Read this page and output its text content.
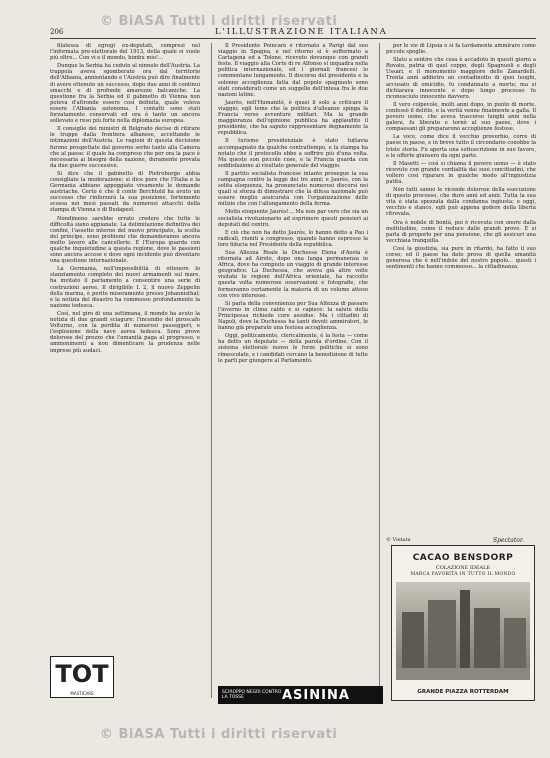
© BiASA Tutti i diritti riservati
206	L'ILLUSTRAZIONE ITALIANA

filatessa di egregi ex-deputati, compresi nel l'informata pre-elettorale del 1913, della quale si vuole più oltre... Con vi e il mondo, bimbu mio!...

Dunque la Serbia ha ceduto al ninnolo dell'Austria. La trappola aveva sgomberato ora dal territorio dell'Albania, annientando e l'Austria può dire finalmente di avere ottenuto un successo, dopo due anni di continui smacchi e di profonde amarezze balcaniche. La questione fra la Serbia ed il gabinetto di Vienna non poteva d'altronde essere così definita, quale voleva essere l'Albania autonoma. I contatti sono stati forzatamente conservati ed ora è tanto un ancora sollevato e reso più forte nella diplomazia europea.

Il consiglio dei ministri di Belgrado decise di ritirare le truppe dalla frontiera albanese, accettando le intimazioni dell'Austria. Le ragioni di questa decisione furono prospettate dal governo serbo tanto alla Camera che al paese: il quale ha compreso che per ora la pace è necessaria ai bisogni della nazione, duramente provata da due guerre successive.

Si dice che il gabinetto di Pietroburgo abbia consigliato la moderazione; si dice pure che l'Italia e la Germania abbiano appoggiato vivamente le domande austriache. Certo è che il conte Berchtold ha avuto un successo che rinforzerà la sua posizione, fortemente scossa nei mesi passati da numerosi attacchi della stampa di Vienna e di Budapest.

Nondimeno sarebbe errato credere che tutte le difficoltà siano appianate. La delimitazione definitiva dei confini, l'assetto interno del nuovo principato, la scelta del principe, sono problemi che domanderanno ancora molto lavoro alle cancellerie. E l'Europa guarda con qualche inquietudine a questa regione, dove le passioni sono ancora accese e dove ogni incidente può diventare una questione internazionale.

La Germania, nell'impossibilità di ottenere lo stanziamento completo dei nuovi armamenti sul mare, ha invitato il parlamento a consentire una serie di costruzioni aeree. Il dirigibile L 2, il nuovo Zeppelin della marina, è perito miseramente presso Johannisthal; e la notizia del disastro ha commosso profondamente la nazione tedesca.

Così, nel giro di una settimana, il mondo ha avuto la notizia di due grandi sciagure: l'incendio del piroscafo Volturno, con la perdita di numerosi passeggeri, e l'esplosione della nave aerea tedesca. Sono prove dolorose del prezzo che l'umanità paga al progresso, e ammonimenti a non dimenticare la prudenza nelle imprese più audaci.

Il Presidente Poincaré è ritornato a Parigi dal suo viaggio in Spagna, e nel ritorno si è soffermato a Cartagena ed a Tolone, ricevuto dovunque con grandi feste. Il viaggio alla Corte di re Alfonso si inquadra nella politica internazionale, ed i giornali francesi lo commentano lungamente. Il discorso del presidente e la solenne accoglienza fatta dal popolo spagnuolo sono stati considerati come un suggello dell'intesa fra le due nazioni latine.

Jaurès, nell'Humanité, è quasi il solo a criticare il viaggio; egli teme che la politica d'alleanze spinga la Francia verso avventure militari. Ma la grande maggioranza dell'opinione pubblica ha applaudito il presidente, che ha saputo rappresentare degnamente la repubblica.

Il turismo presidenziale è stato tuttavia accompagnato da qualche contrattempo, e la stampa ha notato che il protocollo ebbe a soffrire più d'una volta. Ma queste son piccole cose, e la Francia guarda con soddisfazione al risultato generale del viaggio.

Il partito socialista francese intanto prosegue la sua campagna contro la legge dei tre anni; e Jaurès, con la solita eloquenza, ha pronunciato numerosi discorsi nei quali si sforza di dimostrare che la difesa nazionale può essere meglio assicurata con l'organizzazione delle milizie che con l'allungamento della ferma.

Molto eloquente Jaurès!... Ma non par vero che sia un socialista rivoluzionario ad esprimere questi pensieri ai deputati del centro.

E ciò che non ha detto Jaurès, lo hanno detto a Pau i radicali, riuniti a congresso, quando hanno espresso la loro fiducia nel Presidente della repubblica.

Sua Altezza Reale la Duchessa Elena d'Aosta è ritornata ad Airolo, dopo una lunga permanenza in Africa, dove ha compiuto un viaggio di grande interesse geografico. La Duchessa, che aveva già altre volte visitato le regioni dell'Africa orientale, ha raccolto questa volta numerose osservazioni e fotografie, che formeranno certamente la materia di un volume atteso con vivo interesse.

Si parla della convenienza per Sua Altezza di passare l'inverno in clima caldo e si capisce: la salute della Principessa richiede cure assidue. Ma i cittadini di Napoli, dove la Duchessa ha tanti devoti ammiratori, le hanno già preparato una festosa accoglienza.

Oggi, politicamente, clericalmente, è la festa — come ha detto un deputato — della parola d'ordine. Con il sistema elettorale nuovo le forze politiche si sono rimescolate, e i candidati cercano la benedizione di tutte le parti per giungere al Parlamento.

per le vie di Lipsia e si fa tardamente ammirare come piccole spoglie.

Stato a sentire che cosa è accaduto in questi giorni a Rovato, patria di quel coppo, degli Spagnuoli e degli Ussari, e il monumento maggiore dello Zanardelli. Trenta anni addietro un contadinotto di quei luoghi, accusato di omicidio, fu condannato a morte; ma si dichiarava innocente e dopo lungo processo fu riconosciuto innocente davvero.

Il vero colpevole, molti anni dopo, in punto di morte, confessò il delitto, e la verità venne finalmente a galla. Il povero uomo, che aveva trascorso lunghi anni nella galera, fu liberato e tornò al suo paese, dove i compaesani gli prepararono accoglienze festose.

La voce, come dice il vecchio proverbio, corre di paese in paese, e in breve tutto il circondario conobbe la triste storia. Fu aperta una sottoscrizione in suo favore, e le offerte giunsero da ogni parte.

Il Masetti — così si chiama il povero uomo — è stato ricevuto con grande cordialità dai suoi concittadini, che vollero così riparare in qualche modo all'ingiustizia patita.

Non tutti sanno le vicende dolorose della esecuzione di questo processo, che durò anni ed anni. Tutta la sua vita è stata spezzata dalla condanna ingiusta; e oggi, vecchio e stanco, egli può appena godere della libertà ritrovata.

Ora è nobile di bontà, poi è ricevuta con onore dalla moltitudine, come il reduce dalle grandi prove. E si parla di proporlo per una pensione, che gli assicuri una vecchiaia tranquilla.

Così la giustizia, sia pure in ritardo, ha fatto il suo corso; ed il paese ha dato prova di quella umanità generosa che è nell'indole del nostro popolo... questi i sentimenti che hanno commosso... la cittadinanza.

© Vietata	Spectator.
TOT
MASTICARE	SCIROPPO NEGRI CONTRO LA TOSSE	ASININA
CACAO BENSDORP
COLAZIONE IDEALE
MARCA FAVORITA IN TUTTO IL MONDO
GRANDE PIAZZA ROTTERDAM
© BiASA Tutti i diritti riservati
